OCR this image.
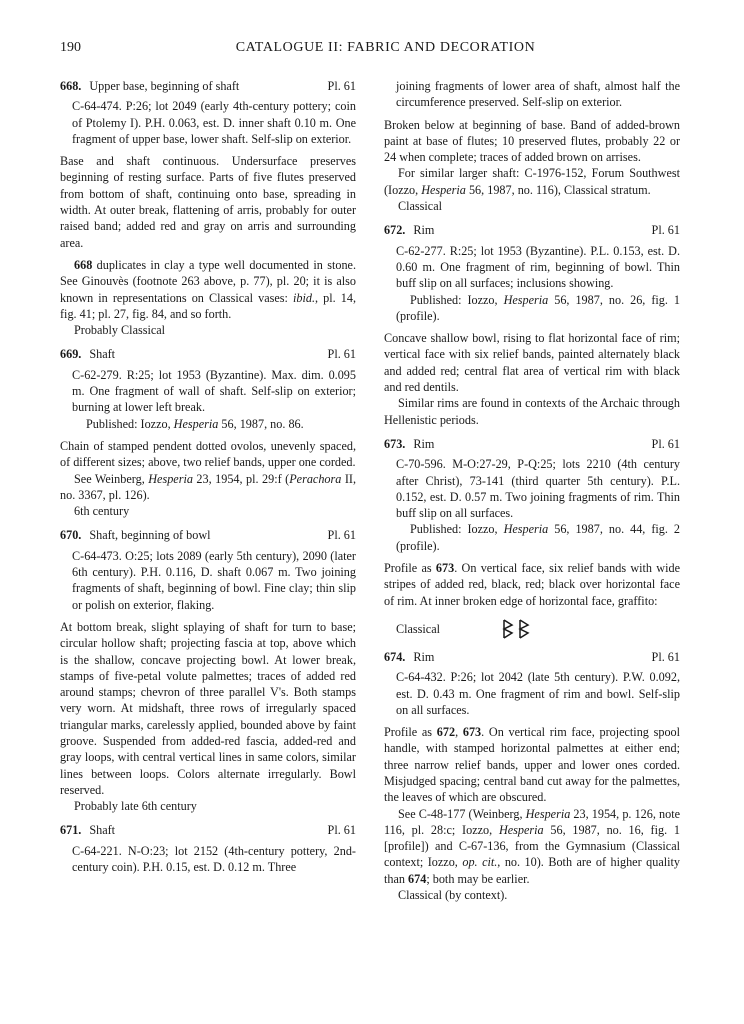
190	CATALOGUE II: FABRIC AND DECORATION
668. Upper base, beginning of shaft	Pl. 61

C-64-474. P:26; lot 2049 (early 4th-century pottery; coin of Ptolemy I). P.H. 0.063, est. D. inner shaft 0.10 m. One fragment of upper base, lower shaft. Self-slip on exterior.

Base and shaft continuous. Undersurface preserves beginning of resting surface. Parts of five flutes preserved from bottom of shaft, continuing onto base, spreading in width. At outer break, flattening of arris, probably for outer raised band; added red and gray on arris and surrounding area.

668 duplicates in clay a type well documented in stone. See Ginouvès (footnote 263 above, p. 77), pl. 20; it is also known in representations on Classical vases: ibid., pl. 14, fig. 41; pl. 27, fig. 84, and so forth.

Probably Classical

669. Shaft	Pl. 61

C-62-279. R:25; lot 1953 (Byzantine). Max. dim. 0.095 m. One fragment of wall of shaft. Self-slip on exterior; burning at lower left break.

Published: Iozzo, Hesperia 56, 1987, no. 86.

Chain of stamped pendent dotted ovolos, unevenly spaced, of different sizes; above, two relief bands, upper one corded.

See Weinberg, Hesperia 23, 1954, pl. 29:f (Perachora II, no. 3367, pl. 126).

6th century

670. Shaft, beginning of bowl	Pl. 61

C-64-473. O:25; lots 2089 (early 5th century), 2090 (later 6th century). P.H. 0.116, D. shaft 0.067 m. Two joining fragments of shaft, beginning of bowl. Fine clay; thin slip or polish on exterior, flaking.

At bottom break, slight splaying of shaft for turn to base; circular hollow shaft; projecting fascia at top, above which is the shallow, concave projecting bowl. At lower break, stamps of five-petal volute palmettes; traces of added red around stamps; chevron of three parallel V's. Both stamps very worn. At midshaft, three rows of irregularly spaced triangular marks, carelessly applied, bounded above by faint groove. Suspended from added-red fascia, added-red and gray loops, with central vertical lines in same colors, similar lines between loops. Colors alternate irregularly. Bowl reserved.

Probably late 6th century

671. Shaft	Pl. 61

C-64-221. N-O:23; lot 2152 (4th-century pottery, 2nd-century coin). P.H. 0.15, est. D. 0.12 m. Three

joining fragments of lower area of shaft, almost half the circumference preserved. Self-slip on exterior.

Broken below at beginning of base. Band of added-brown paint at base of flutes; 10 preserved flutes, probably 22 or 24 when complete; traces of added brown on arrises.

For similar larger shaft: C-1976-152, Forum Southwest (Iozzo, Hesperia 56, 1987, no. 116), Classical stratum.

Classical

672. Rim	Pl. 61

C-62-277. R:25; lot 1953 (Byzantine). P.L. 0.153, est. D. 0.60 m. One fragment of rim, beginning of bowl. Thin buff slip on all surfaces; inclusions showing.

Published: Iozzo, Hesperia 56, 1987, no. 26, fig. 1 (profile).

Concave shallow bowl, rising to flat horizontal face of rim; vertical face with six relief bands, painted alternately black and added red; central flat area of vertical rim with black and red dentils.

Similar rims are found in contexts of the Archaic through Hellenistic periods.

673. Rim	Pl. 61

C-70-596. M-O:27-29, P-Q:25; lots 2210 (4th century after Christ), 73-141 (third quarter 5th century). P.L. 0.152, est. D. 0.57 m. Two joining fragments of rim. Thin buff slip on all surfaces.

Published: Iozzo, Hesperia 56, 1987, no. 44, fig. 2 (profile).

Profile as 673. On vertical face, six relief bands with wide stripes of added red, black, red; black over horizontal face of rim. At inner broken edge of horizontal face, graffito:

Classical
674. Rim	Pl. 61

C-64-432. P:26; lot 2042 (late 5th century). P.W. 0.092, est. D. 0.43 m. One fragment of rim and bowl. Self-slip on all surfaces.

Profile as 672, 673. On vertical rim face, projecting spool handle, with stamped horizontal palmettes at either end; three narrow relief bands, upper and lower ones corded. Misjudged spacing; central band cut away for the palmettes, the leaves of which are obscured.

See C-48-177 (Weinberg, Hesperia 23, 1954, p. 126, note 116, pl. 28:c; Iozzo, Hesperia 56, 1987, no. 16, fig. 1 [profile]) and C-67-136, from the Gymnasium (Classical context; Iozzo, op. cit., no. 10). Both are of higher quality than 674; both may be earlier.

Classical (by context).
